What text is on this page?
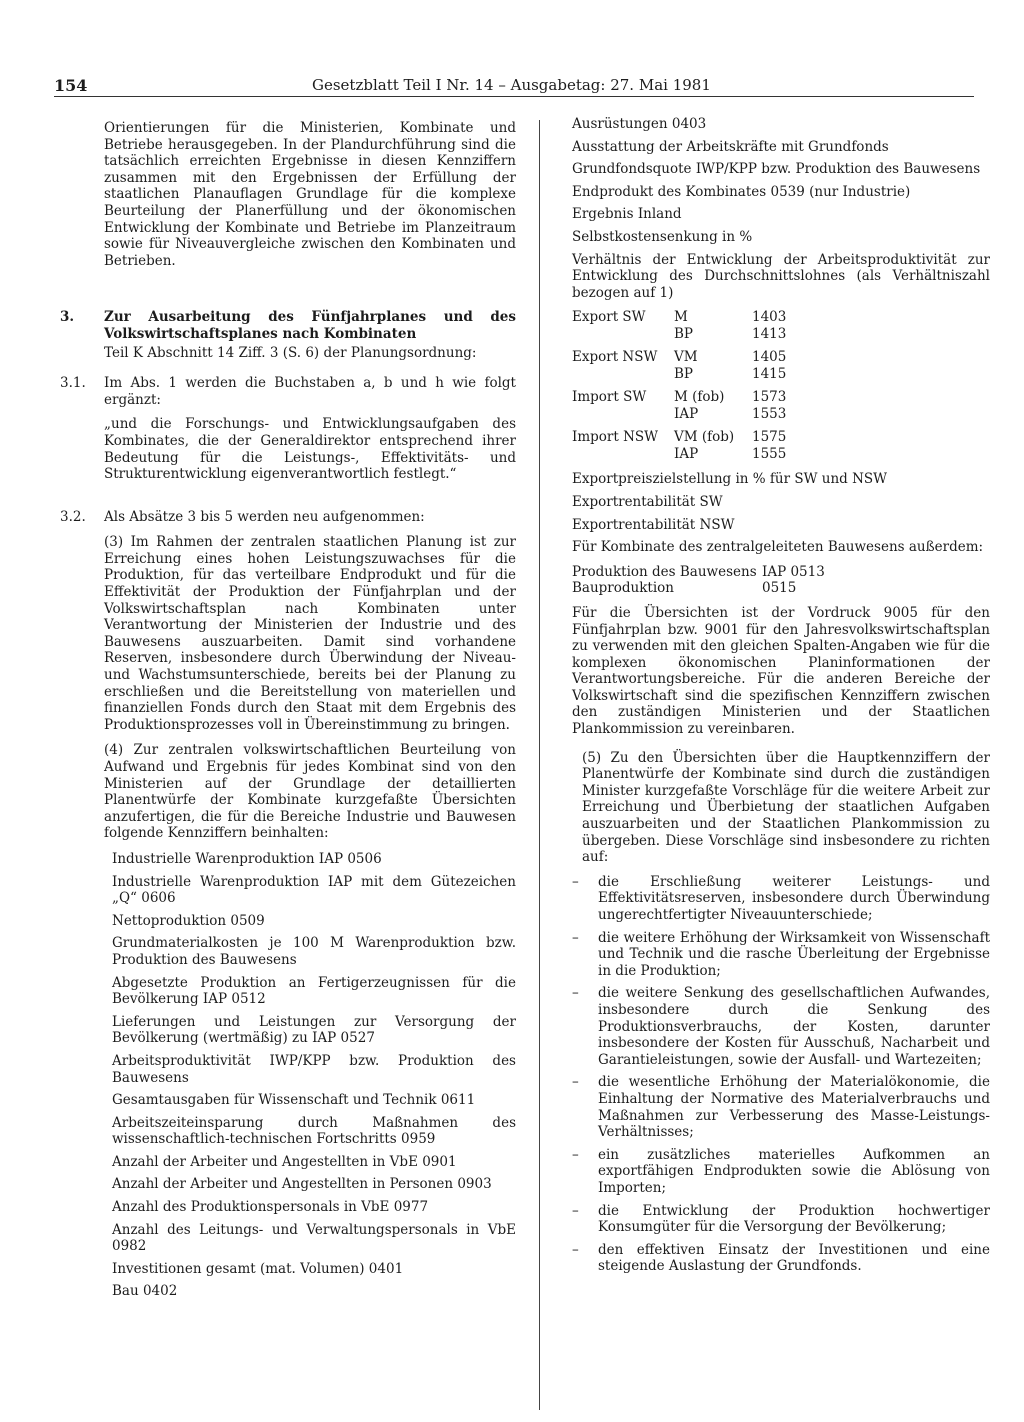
154	Gesetzblatt Teil I Nr. 14 – Ausgabetag: 27. Mai 1981

Orientierungen für die Ministerien, Kombinate und Betriebe herausgegeben. In der Plandurchführung sind die tatsächlich erreichten Ergebnisse in diesen Kennziffern zusammen mit den Ergebnissen der Erfüllung der staatlichen Planauflagen Grundlage für die komplexe Beurteilung der Planerfüllung und der ökonomischen Entwicklung der Kombinate und Betriebe im Planzeitraum sowie für Niveauvergleiche zwischen den Kombinaten und Betrieben.

3. Zur Ausarbeitung des Fünfjahrplanes und des Volkswirtschaftsplanes nach Kombinaten

Teil K Abschnitt 14 Ziff. 3 (S. 6) der Planungsordnung:

3.1. Im Abs. 1 werden die Buchstaben a, b und h wie folgt ergänzt:

„und die Forschungs- und Entwicklungsaufgaben des Kombinates, die der Generaldirektor entsprechend ihrer Bedeutung für die Leistungs-, Effektivitäts- und Strukturentwicklung eigenverantwortlich festlegt.“

3.2. Als Absätze 3 bis 5 werden neu aufgenommen:

(3) Im Rahmen der zentralen staatlichen Planung ist zur Erreichung eines hohen Leistungszuwachses für die Produktion, für das verteilbare Endprodukt und für die Effektivität der Produktion der Fünfjahrplan und der Volkswirtschaftsplan nach Kombinaten unter Verantwortung der Ministerien der Industrie und des Bauwesens auszuarbeiten. Damit sind vorhandene Reserven, insbesondere durch Überwindung der Niveau- und Wachstumsunterschiede, bereits bei der Planung zu erschließen und die Bereitstellung von materiellen und finanziellen Fonds durch den Staat mit dem Ergebnis des Produktionsprozesses voll in Übereinstimmung zu bringen.

(4) Zur zentralen volkswirtschaftlichen Beurteilung von Aufwand und Ergebnis für jedes Kombinat sind von den Ministerien auf der Grundlage der detaillierten Planentwürfe der Kombinate kurzgefaßte Übersichten anzufertigen, die für die Bereiche Industrie und Bauwesen folgende Kennziffern beinhalten:

Industrielle Warenproduktion IAP 0506

Industrielle Warenproduktion IAP mit dem Gütezeichen „Q“ 0606

Nettoproduktion 0509

Grundmaterialkosten je 100 M Warenproduktion bzw. Produktion des Bauwesens

Abgesetzte Produktion an Fertigerzeugnissen für die Bevölkerung IAP 0512

Lieferungen und Leistungen zur Versorgung der Bevölkerung (wertmäßig) zu IAP 0527

Arbeitsproduktivität IWP/KPP bzw. Produktion des Bauwesens

Gesamtausgaben für Wissenschaft und Technik 0611

Arbeitszeiteinsparung durch Maßnahmen des wissenschaftlich-technischen Fortschritts 0959

Anzahl der Arbeiter und Angestellten in VbE 0901

Anzahl der Arbeiter und Angestellten in Personen 0903

Anzahl des Produktionspersonals in VbE 0977

Anzahl des Leitungs- und Verwaltungspersonals in VbE 0982

Investitionen gesamt (mat. Volumen) 0401

Bau 0402

Ausrüstungen 0403

Ausstattung der Arbeitskräfte mit Grundfonds

Grundfondsquote IWP/KPP bzw. Produktion des Bauwesens

Endprodukt des Kombinates 0539 (nur Industrie)

Ergebnis Inland

Selbstkostensenkung in %

Verhältnis der Entwicklung der Arbeitsproduktivität zur Entwicklung des Durchschnittslohnes (als Verhältniszahl bezogen auf 1)

Export SW	M	1403
BP	1413
Export NSW	VM	1405
BP	1415
Import SW	M (fob)	1573
IAP	1553
Import NSW	VM (fob)	1575
IAP	1555

Exportpreiszielstellung in % für SW und NSW

Exportrentabilität SW

Exportrentabilität NSW

Für Kombinate des zentralgeleiteten Bauwesens außerdem:

Produktion des Bauwesens IAP 0513
Bauproduktion	0515

Für die Übersichten ist der Vordruck 9005 für den Fünfjahrplan bzw. 9001 für den Jahresvolkswirtschaftsplan zu verwenden mit den gleichen Spalten-Angaben wie für die komplexen ökonomischen Planinformationen der Verantwortungsbereiche. Für die anderen Bereiche der Volkswirtschaft sind die spezifischen Kennziffern zwischen den zuständigen Ministerien und der Staatlichen Plankommission zu vereinbaren.

(5) Zu den Übersichten über die Hauptkennziffern der Planentwürfe der Kombinate sind durch die zuständigen Minister kurzgefaßte Vorschläge für die weitere Arbeit zur Erreichung und Überbietung der staatlichen Aufgaben auszuarbeiten und der Staatlichen Plankommission zu übergeben. Diese Vorschläge sind insbesondere zu richten auf:

–	die Erschließung weiterer Leistungs- und Effektivitätsreserven, insbesondere durch Überwindung ungerechtfertigter Niveauunterschiede;
–	die weitere Erhöhung der Wirksamkeit von Wissenschaft und Technik und die rasche Überleitung der Ergebnisse in die Produktion;
–	die weitere Senkung des gesellschaftlichen Aufwandes, insbesondere durch die Senkung des Produktionsverbrauchs, der Kosten, darunter insbesondere der Kosten für Ausschuß, Nacharbeit und Garantieleistungen, sowie der Ausfall- und Wartezeiten;
–	die wesentliche Erhöhung der Materialökonomie, die Einhaltung der Normative des Materialverbrauchs und Maßnahmen zur Verbesserung des Masse-Leistungs-Verhältnisses;
–	ein zusätzliches materielles Aufkommen an exportfähigen Endprodukten sowie die Ablösung von Importen;
–	die Entwicklung der Produktion hochwertiger Konsumgüter für die Versorgung der Bevölkerung;
–	den effektiven Einsatz der Investitionen und eine steigende Auslastung der Grundfonds.
